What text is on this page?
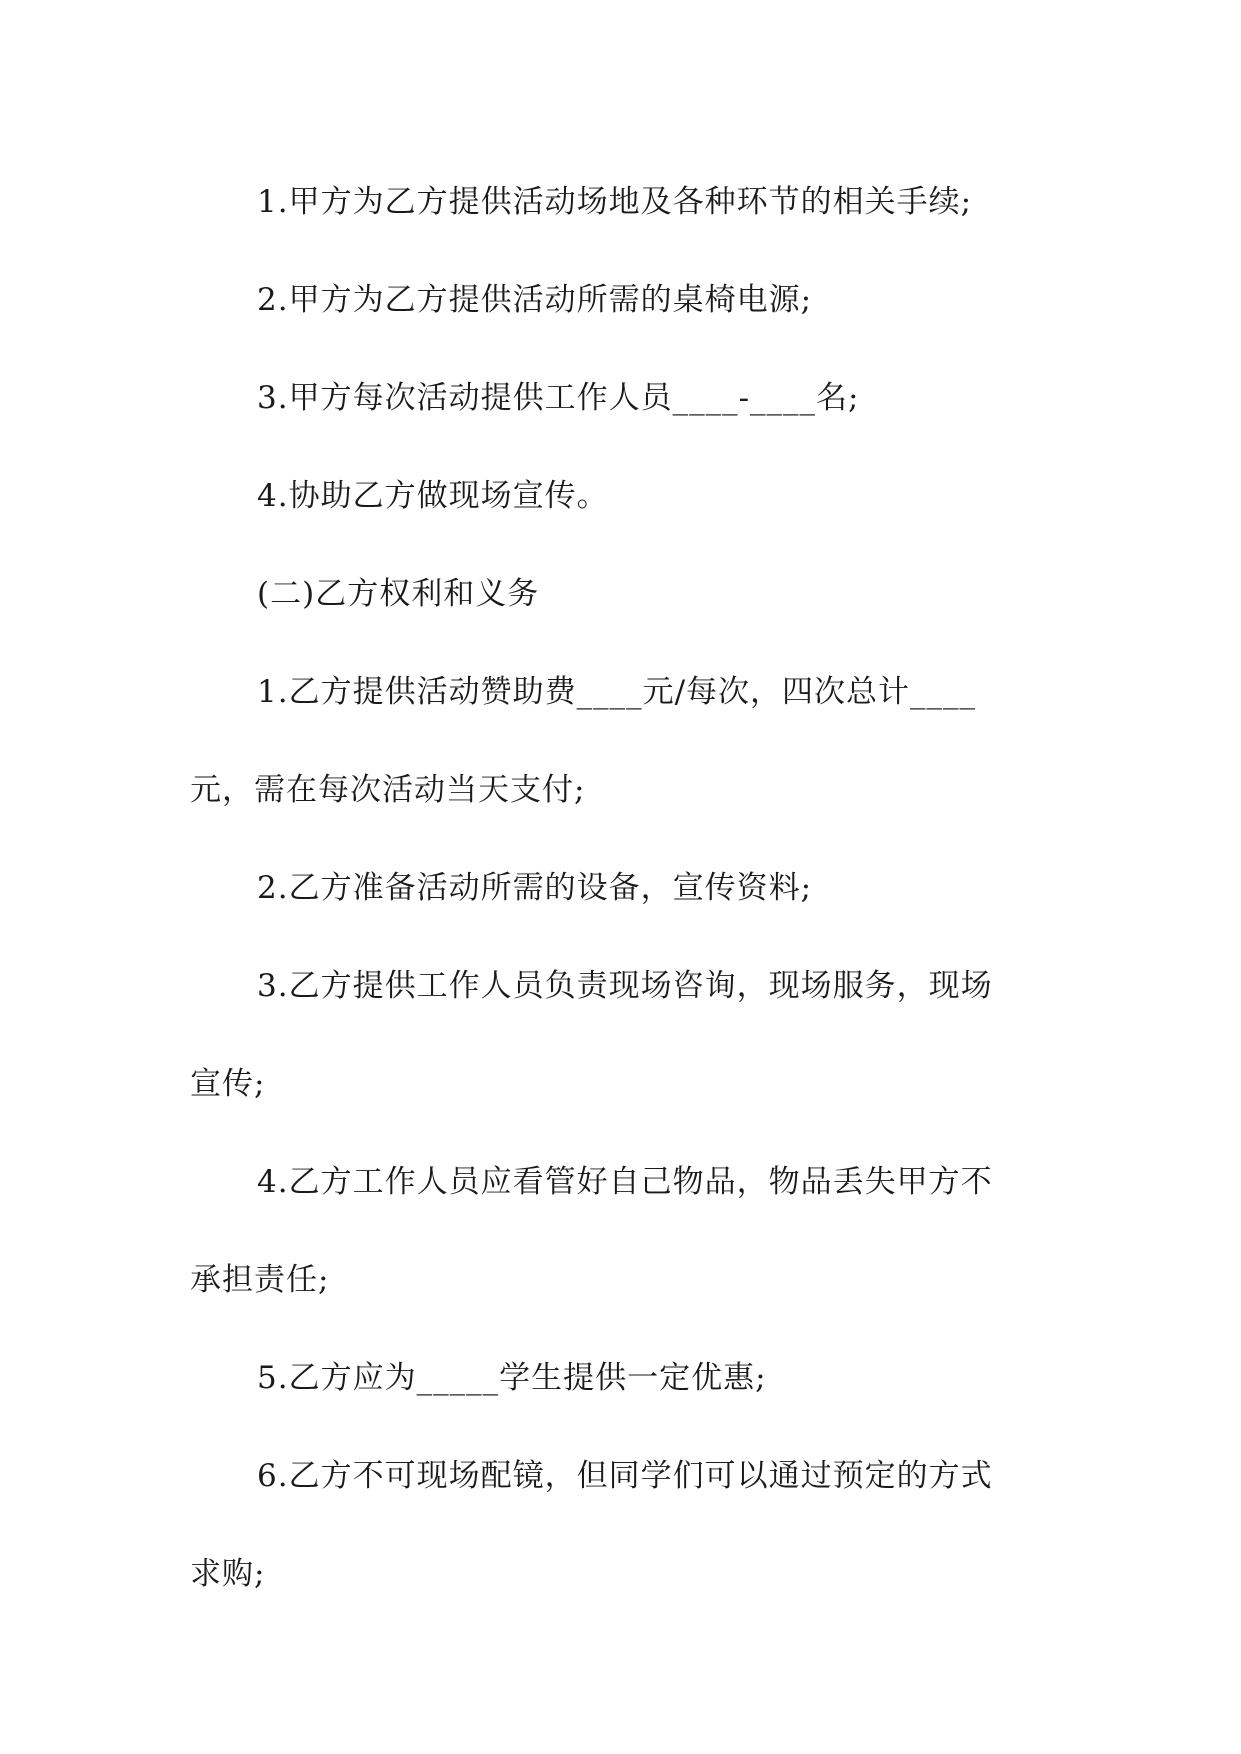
1.甲方为乙方提供活动场地及各种环节的相关手续;
2.甲方为乙方提供活动所需的桌椅电源;
3.甲方每次活动提供工作人员____-____名;
4.协助乙方做现场宣传。
(二)乙方权利和义务
1.乙方提供活动赞助费____元/每次，四次总计____
元，需在每次活动当天支付;
2.乙方准备活动所需的设备，宣传资料;
3.乙方提供工作人员负责现场咨询，现场服务，现场
宣传;
4.乙方工作人员应看管好自己物品，物品丢失甲方不
承担责任;
5.乙方应为_____学生提供一定优惠;
6.乙方不可现场配镜，但同学们可以通过预定的方式
求购;
